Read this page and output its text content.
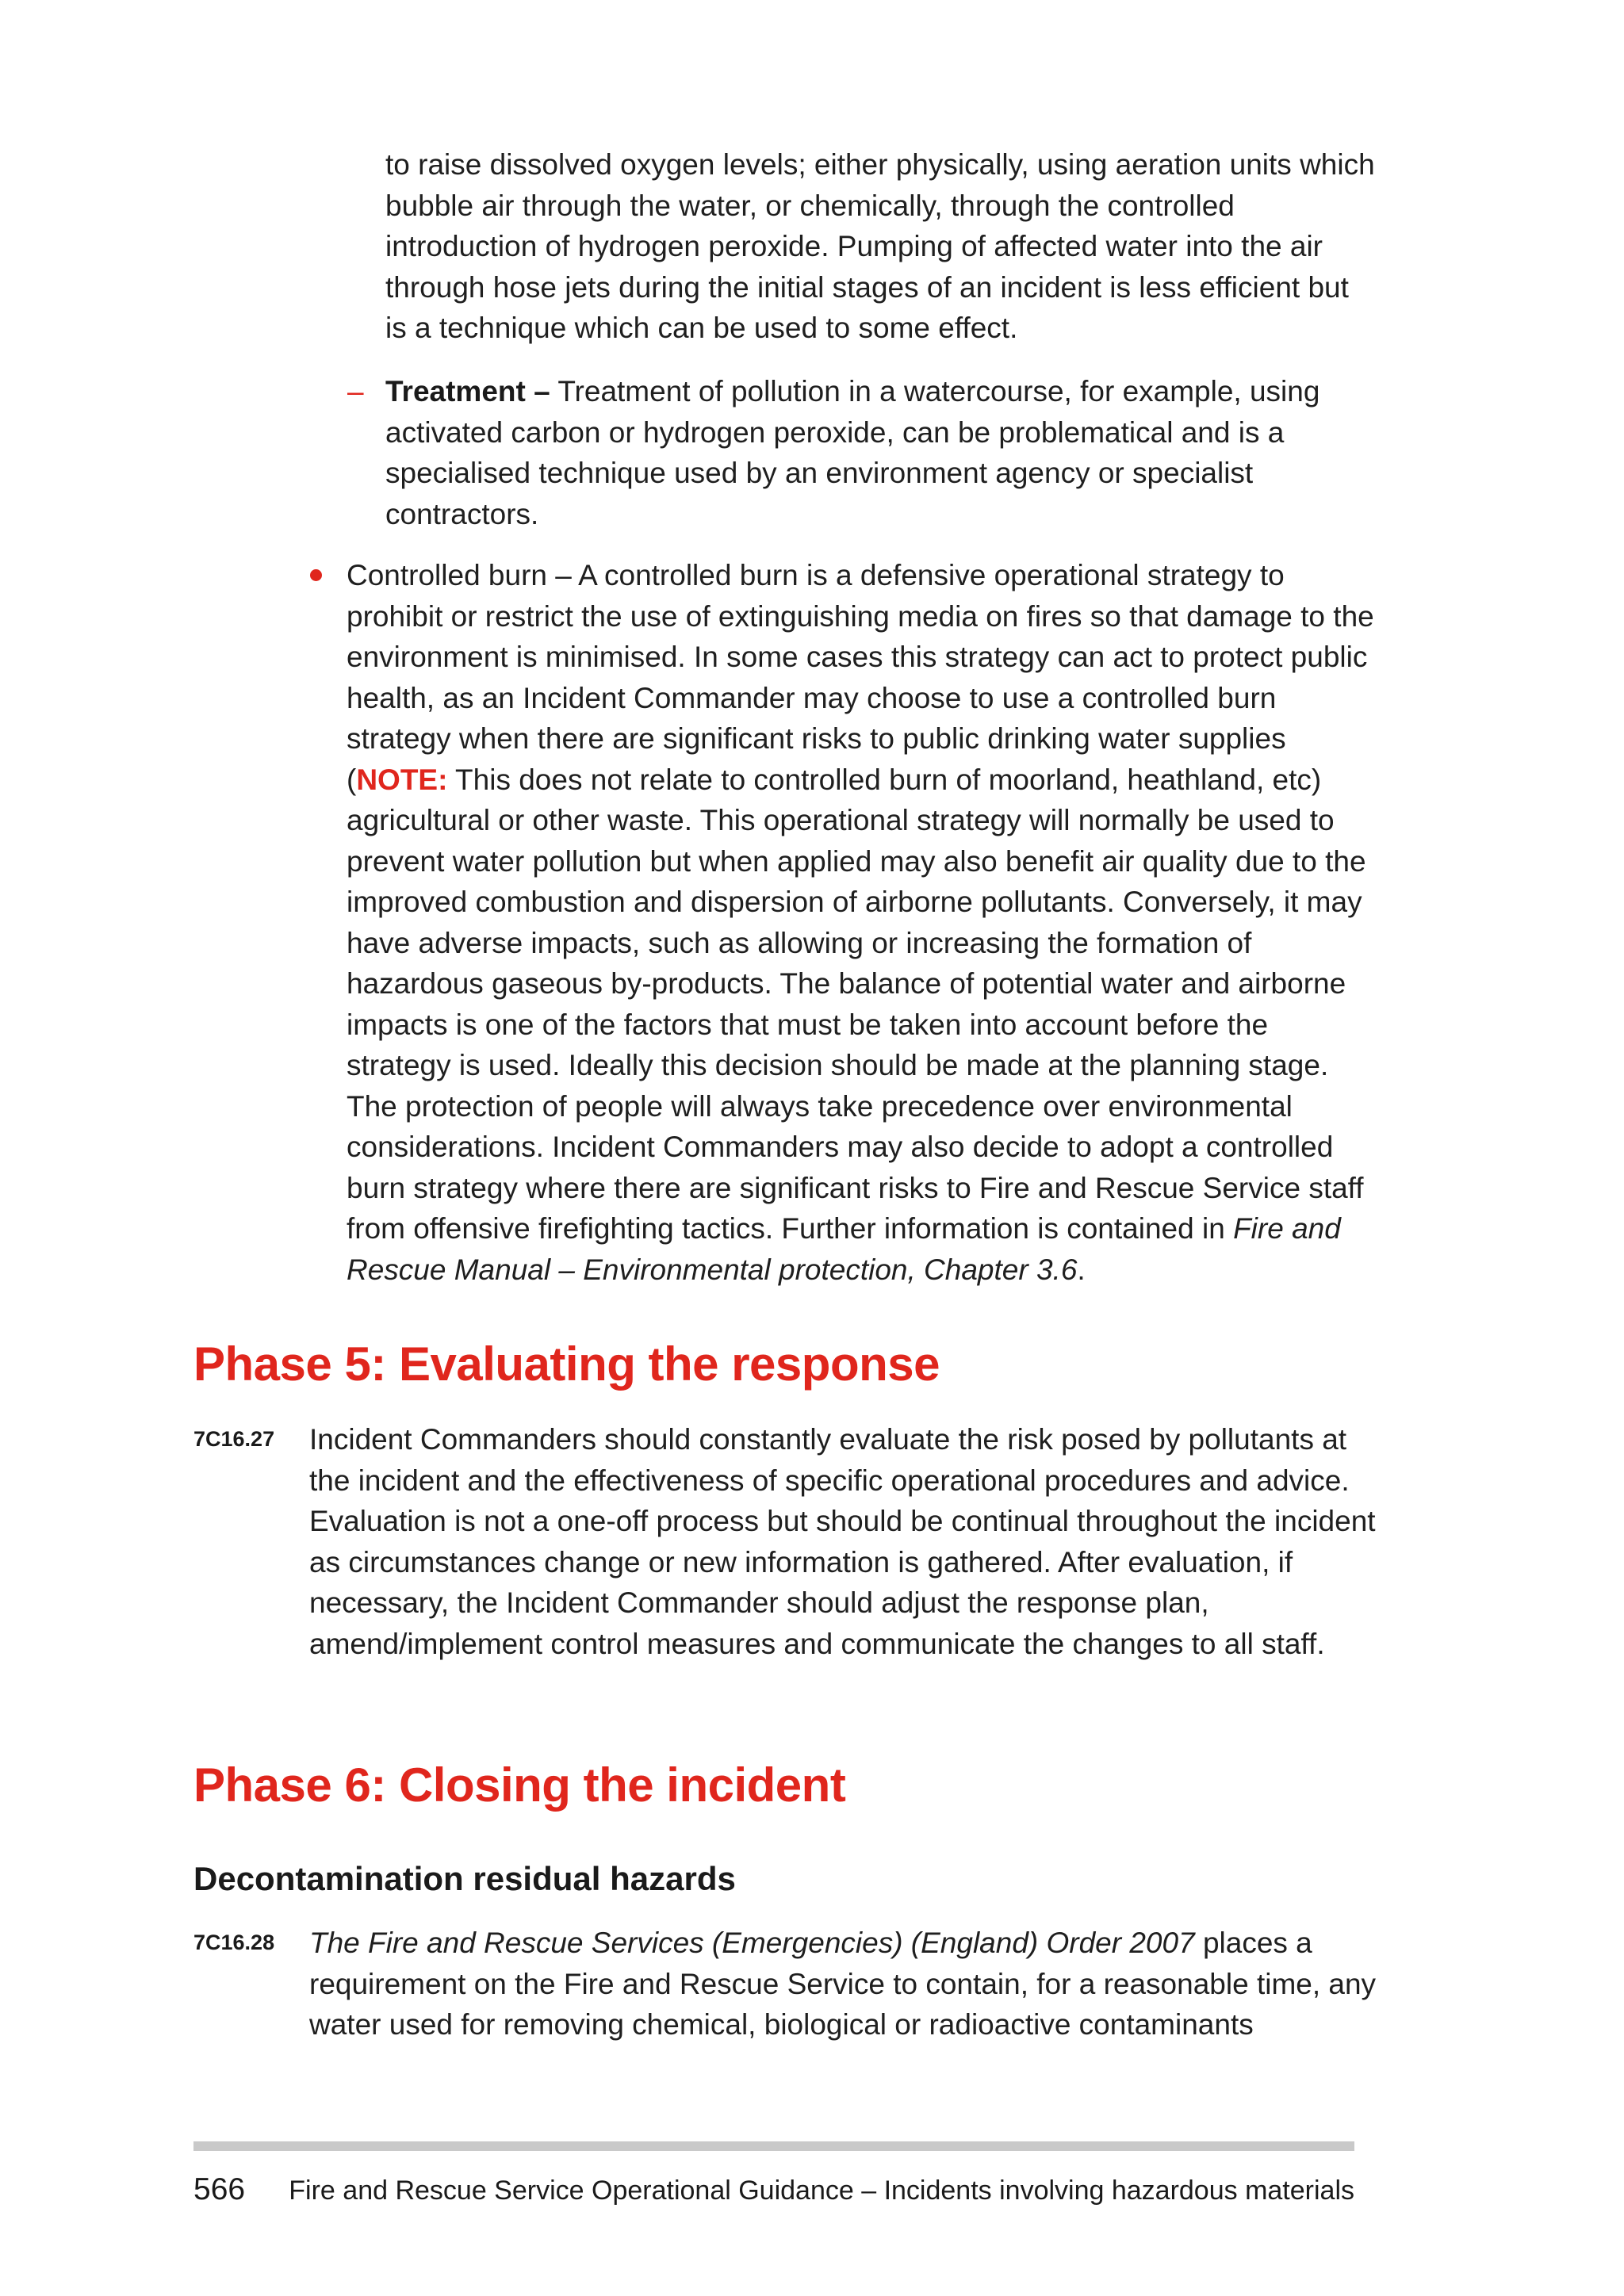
to raise dissolved oxygen levels; either physically, using aeration units which bubble air through the water, or chemically, through the controlled introduction of hydrogen peroxide. Pumping of affected water into the air through hose jets during the initial stages of an incident is less efficient but is a technique which can be used to some effect.

– Treatment – Treatment of pollution in a watercourse, for example, using activated carbon or hydrogen peroxide, can be problematical and is a specialised technique used by an environment agency or specialist contractors.

Controlled burn – A controlled burn is a defensive operational strategy to prohibit or restrict the use of extinguishing media on fires so that damage to the environment is minimised. In some cases this strategy can act to protect public health, as an Incident Commander may choose to use a controlled burn strategy when there are significant risks to public drinking water supplies (NOTE: This does not relate to controlled burn of moorland, heathland, etc) agricultural or other waste. This operational strategy will normally be used to prevent water pollution but when applied may also benefit air quality due to the improved combustion and dispersion of airborne pollutants. Conversely, it may have adverse impacts, such as allowing or increasing the formation of hazardous gaseous by-products. The balance of potential water and airborne impacts is one of the factors that must be taken into account before the strategy is used. Ideally this decision should be made at the planning stage. The protection of people will always take precedence over environmental considerations. Incident Commanders may also decide to adopt a controlled burn strategy where there are significant risks to Fire and Rescue Service staff from offensive firefighting tactics. Further information is contained in Fire and Rescue Manual – Environmental protection, Chapter 3.6.

Phase 5: Evaluating the response
7C16.27 Incident Commanders should constantly evaluate the risk posed by pollutants at the incident and the effectiveness of specific operational procedures and advice. Evaluation is not a one-off process but should be continual throughout the incident as circumstances change or new information is gathered. After evaluation, if necessary, the Incident Commander should adjust the response plan, amend/implement control measures and communicate the changes to all staff.

Phase 6: Closing the incident
Decontamination residual hazards
7C16.28 The Fire and Rescue Services (Emergencies) (England) Order 2007 places a requirement on the Fire and Rescue Service to contain, for a reasonable time, any water used for removing chemical, biological or radioactive contaminants

566 Fire and Rescue Service Operational Guidance – Incidents involving hazardous materials
